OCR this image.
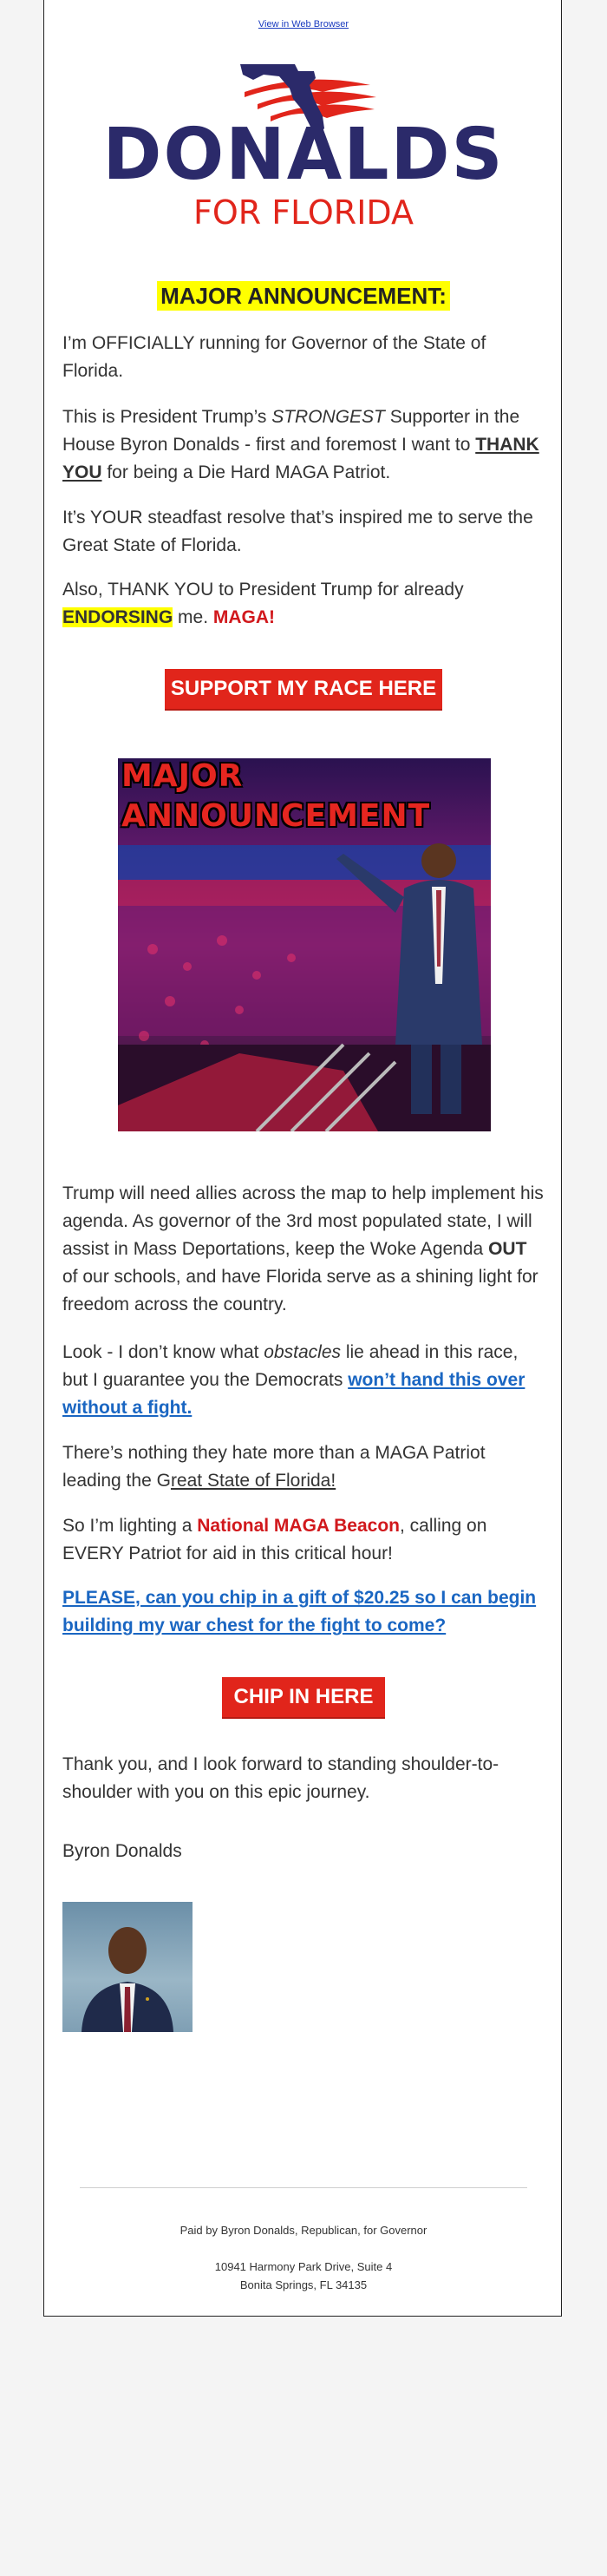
View in Web Browser
DONALDS
FOR FLORIDA
MAJOR ANNOUNCEMENT:

I’m OFFICIALLY running for Governor of the State of Florida.

This is President Trump’s STRONGEST Supporter in the House Byron Donalds - first and foremost I want to THANK YOU for being a Die Hard MAGA Patriot.

It’s YOUR steadfast resolve that’s inspired me to serve the Great State of Florida.

Also, THANK YOU to President Trump for already ENDORSING me. MAGA!

SUPPORT MY RACE HERE
MAJOR
ANNOUNCEMENT

Trump will need allies across the map to help implement his agenda. As governor of the 3rd most populated state, I will assist in Mass Deportations, keep the Woke Agenda OUT of our schools, and have Florida serve as a shining light for freedom across the country.

Look - I don’t know what obstacles lie ahead in this race, but I guarantee you the Democrats won’t hand this over without a fight.

There’s nothing they hate more than a MAGA Patriot leading the Great State of Florida!

So I’m lighting a National MAGA Beacon, calling on EVERY Patriot for aid in this critical hour!

PLEASE, can you chip in a gift of $20.25 so I can begin building my war chest for the fight to come?

CHIP IN HERE

Thank you, and I look forward to standing shoulder-to-shoulder with you on this epic journey.

Byron Donalds

Paid by Byron Donalds, Republican, for Governor
10941 Harmony Park Drive, Suite 4
Bonita Springs, FL 34135
